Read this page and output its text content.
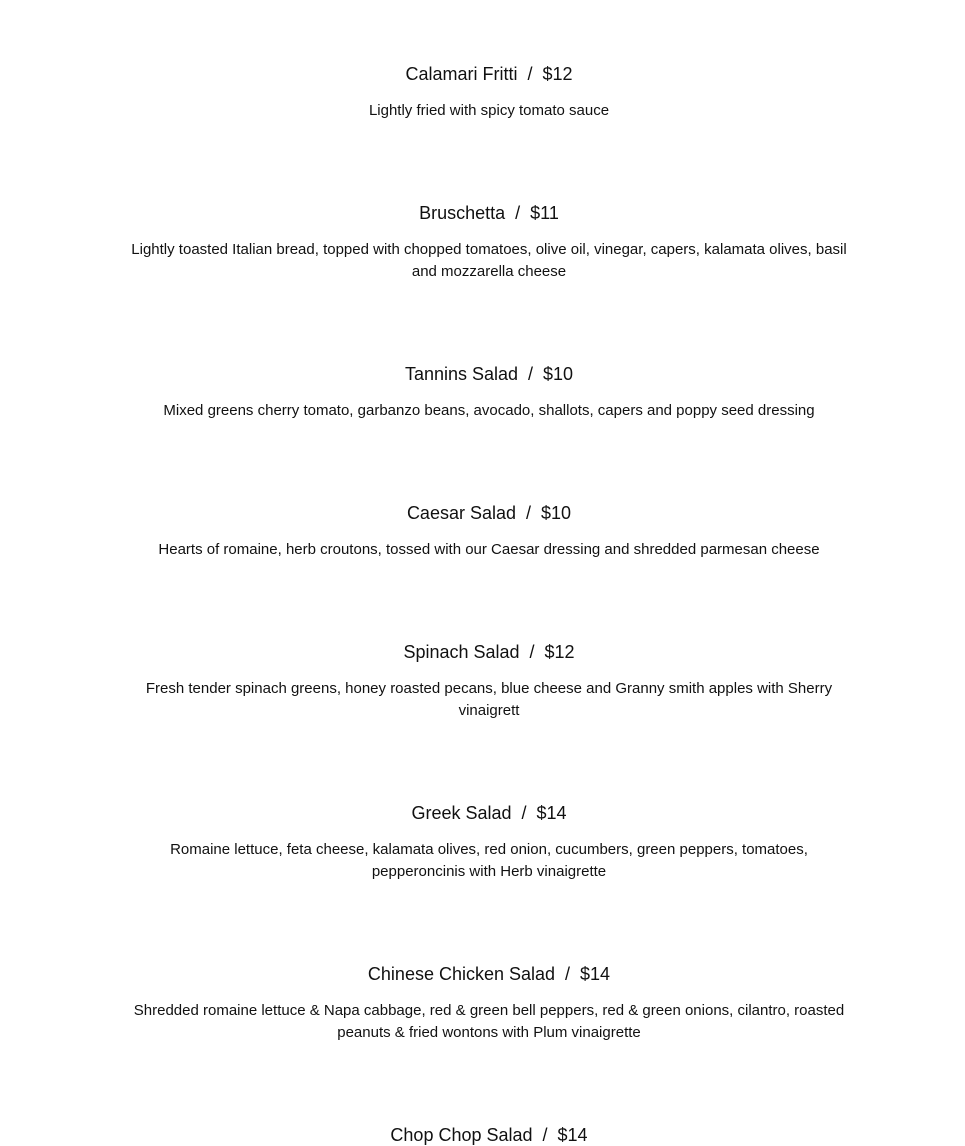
Calamari Fritti  /  $12
Lightly fried with spicy tomato sauce
Bruschetta  /  $11
Lightly toasted Italian bread, topped with chopped tomatoes, olive oil, vinegar, capers, kalamata olives, basil and mozzarella cheese
Tannins Salad  /  $10
Mixed greens cherry tomato, garbanzo beans, avocado, shallots, capers and poppy seed dressing
Caesar Salad  /  $10
Hearts of romaine, herb croutons, tossed with our Caesar dressing and shredded parmesan cheese
Spinach Salad  /  $12
Fresh tender spinach greens, honey roasted pecans, blue cheese and Granny smith apples with Sherry vinaigrett
Greek Salad  /  $14
Romaine lettuce, feta cheese, kalamata olives, red onion, cucumbers, green peppers, tomatoes, pepperoncinis with Herb vinaigrette
Chinese Chicken Salad  /  $14
Shredded romaine lettuce & Napa cabbage, red & green bell peppers, red & green onions, cilantro, roasted peanuts & fried wontons with Plum vinaigrette
Chop Chop Salad  /  $14
